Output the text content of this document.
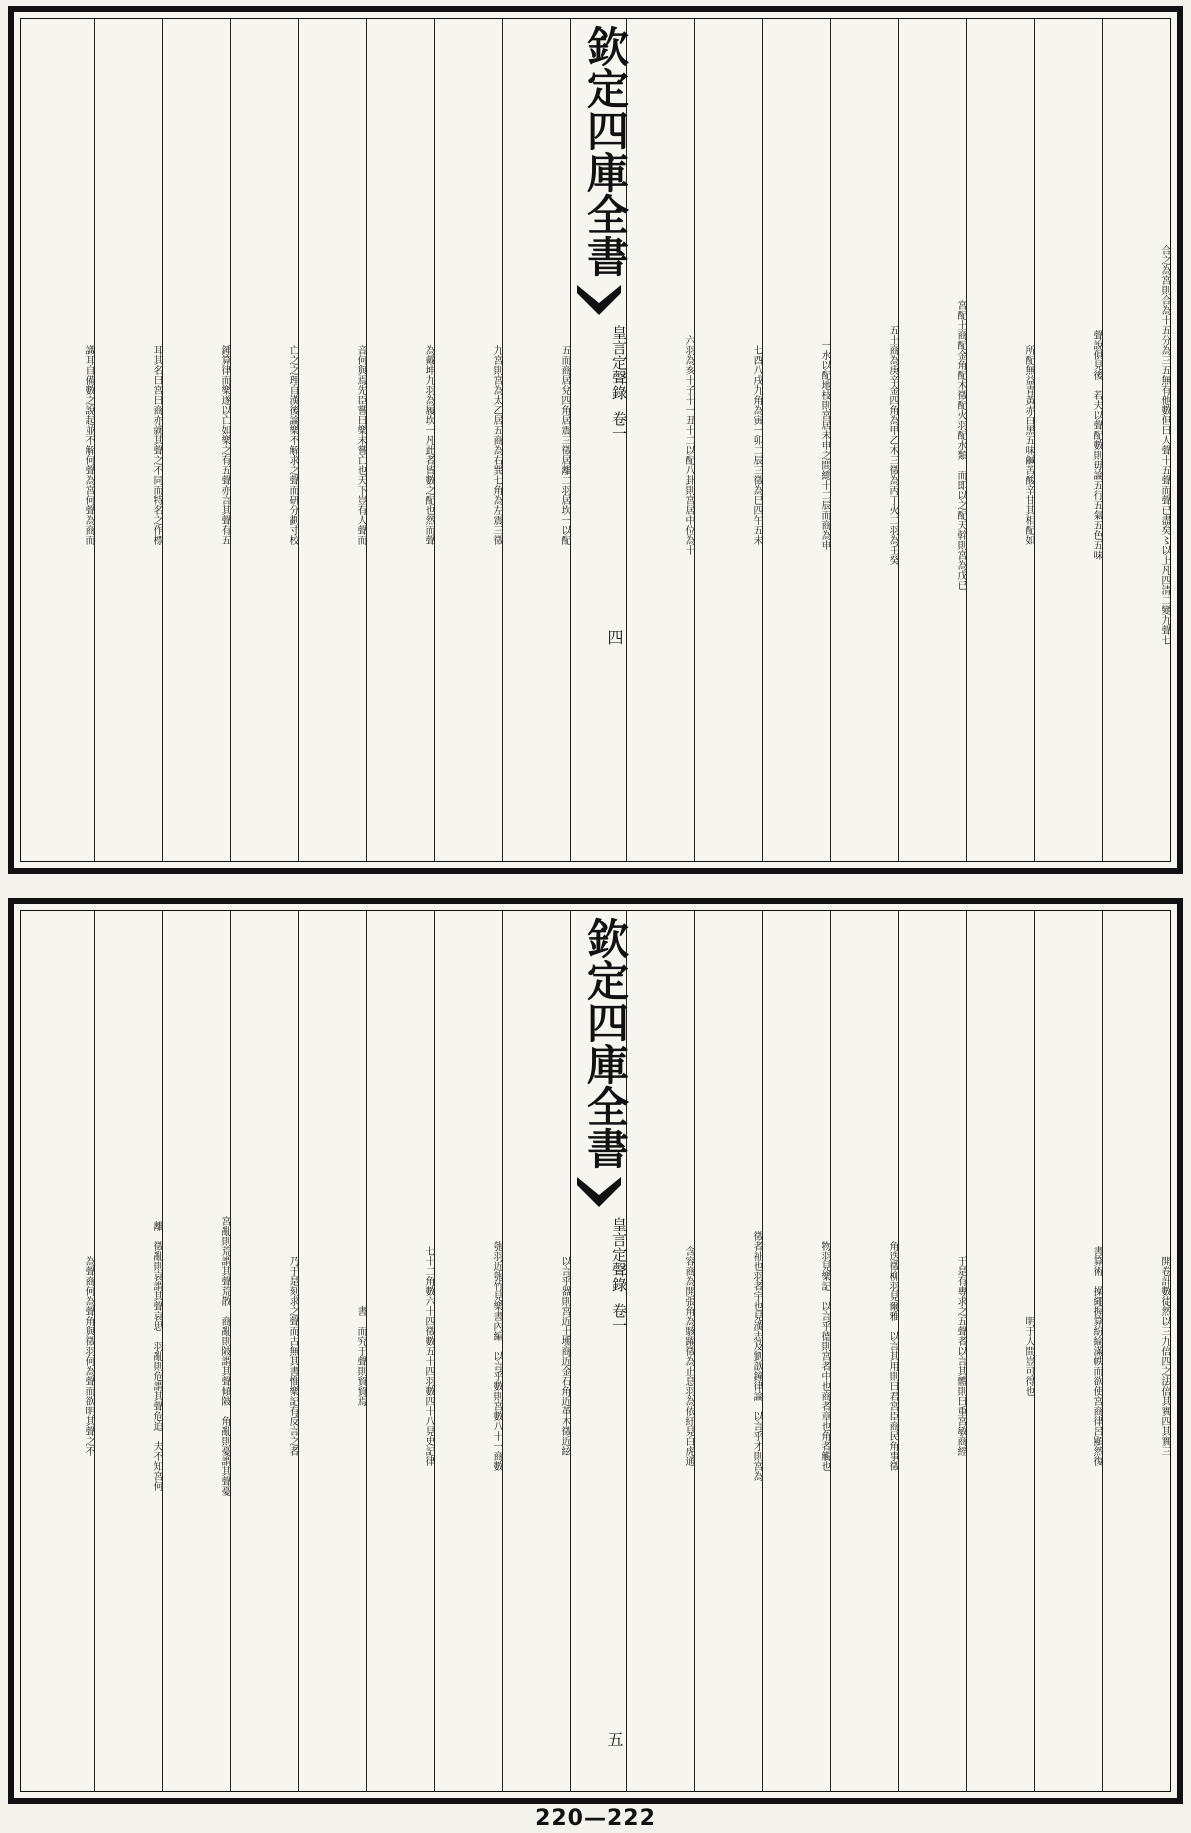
合之為宮則合為十五分為三五無有他數但曰人聲十五聲而聲已盡矣〻以上凡四清二變九聲七
聲說俱見後　若夫以聲配數則毋論五行五氣五色五味
所配無益青黃赤白黑五味鹹苦酸辛甘其相配如
宮配土商配金角配木徵配火羽配水類　而即以之配天幹則宮為戊已
五土商為庚辛金四角為甲乙木三徵為丙丁火二羽為壬癸
一水以配地枝則宮居未申之間總十二辰而商為申
七酉八戌九角為寅一卯二辰三徵為巳四午五未
六羽為亥十子十一丑十二以配八卦則宮居中位為十
欽定四庫全書
皇言定聲錄
卷一
四
五而商居兌四角居震三徵居離二羽居坎一以配
九宮則宮為太乙居五商為右巽七角為左震三徵
為戴坤九羽為履坎一凡此者皆數之配也然而聲
音何與焉先臣嘗曰樂未嘗亡也天下豈有人聲而
亡之之理自漢後論樂不解求之聲而研分劃寸校
鍾算律而樂遂以亡如樂之有五聲亦言其聲有五
耳其名曰宮曰商亦就其聲之不同而特名之作標
識耳自備數之說起並不解何聲為宮何聲為商而
開卷計數徒然以三九倍四之法倍其實四其實三
書算術　操繩握算紛綸滿帙而欲使宮商律呂顯然復
明于人間豈可得也
于是有專求之五聲者以言其體則曰重宮敏商經
角迭徵柳羽見爾雅　以言其用則曰君宮臣商民角事徵
物羽見樂記　以言乎德則宮者中也商者章也角者觸也
徵者祉也羽者宇也見漢志及劉歆鐘律論　以言乎才則宮為
含容商為開張角為駭躍徵為止息羽為依紆見白虎通
欽定四庫全書
皇言定聲錄
卷一
五
以言乎器則宮近土壎商近金石角近革木徵近絃
匏羽近匏竹見樂書內編　以言乎數則宮數八十一商數
七十二角數六十四徵數五十四羽數四十八見史記律
書　而究于聲則貿貿焉
乃于是刻求之聲而古無其書惟樂記有反言之者
宮亂則荒謂其聲荒散　商亂則陂謂其聲傾陂　角亂則憂謂其聲憂
離　徵亂則哀謂其聲哀思　羽亂則危謂其聲危迫　夫不知宮何
為聲商何為聲角與徵羽何為聲而欲明其聲之不
220—222
